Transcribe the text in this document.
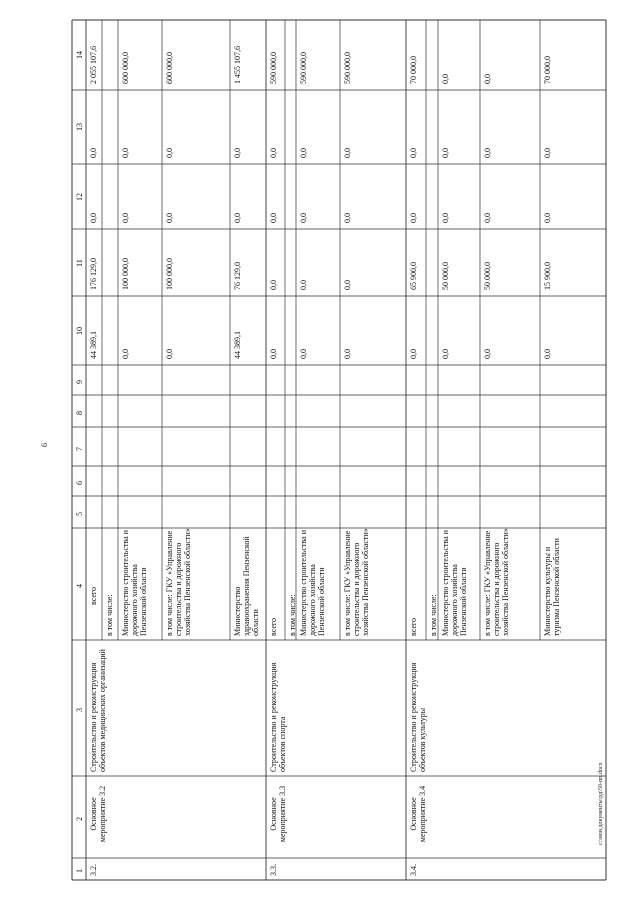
1
2
3
4
5
6
7
8
9
10
11
12
13
14
всего
44 389,1
176 129,0
0,0
0,0
2 055 107,6
3.2.
Основное мероприятие 3.2
Строительство и реконструкция объектов медицинских организаций
в том числе: Министерство строительства и дорожного хозяйства Пензенской области
0,0
100 000,0
0,0
0,0
600 000,0
в том числе: ГКУ «Управление строительства и дорожного хозяйства Пензенской области»
0,0
100 000,0
0,0
0,0
600 000,0
Министерство здравоохранения Пензенской области
44 389,1
76 129,0
0,0
0,0
1 455 107,6
3.3.
Основное мероприятие 3.3
Строительство и реконструкция объектов спорта
всего
0,0
0,0
0,0
0,0
590 000,0
в том числе: Министерство строительства и дорожного хозяйства Пензенской области
0,0
0,0
0,0
0,0
590 000,0
в том числе: ГКУ «Управление строительства и дорожного хозяйства Пензенской области»
0,0
0,0
0,0
0,0
590 000,0
3.4.
Основное мероприятие 3.4
Строительство и реконструкция объектов культуры
всего
0,0
65 900,0
0,0
0,0
70 000,0
в том числе: Министерство строительства и дорожного хозяйства Пензенской области
0,0
50 000,0
0,0
0,0
0,0
в том числе: ГКУ «Управление строительства и дорожного хозяйства Пензенской области»
0,0
50 000,0
0,0
0,0
0,0
Министерство культуры и туризма Пензенской области
0,0
15 900,0
0,0
0,0
70 000,0
6
c:\мои документы\рд\50-пп.docx
